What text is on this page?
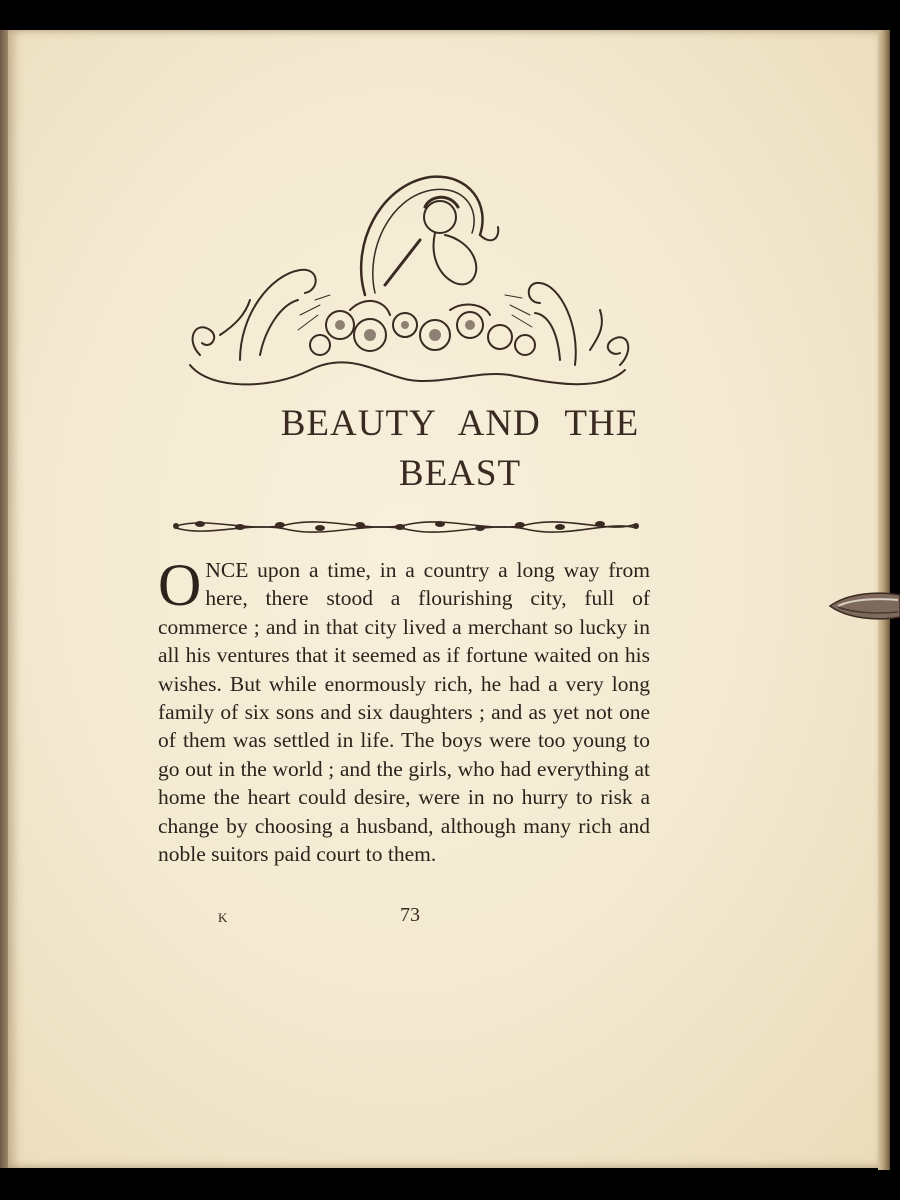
BEAUTY AND THE
BEAST
ONCE upon a time, in a country a long way from here, there stood a flourishing city, full of commerce ; and in that city lived a merchant so lucky in all his ventures that it seemed as if fortune waited on his wishes. But while enormously rich, he had a very long family of six sons and six daughters ; and as yet not one of them was settled in life. The boys were too young to go out in the world ; and the girls, who had everything at home the heart could desire, were in no hurry to risk a change by choosing a husband, although many rich and noble suitors paid court to them.
K	73
